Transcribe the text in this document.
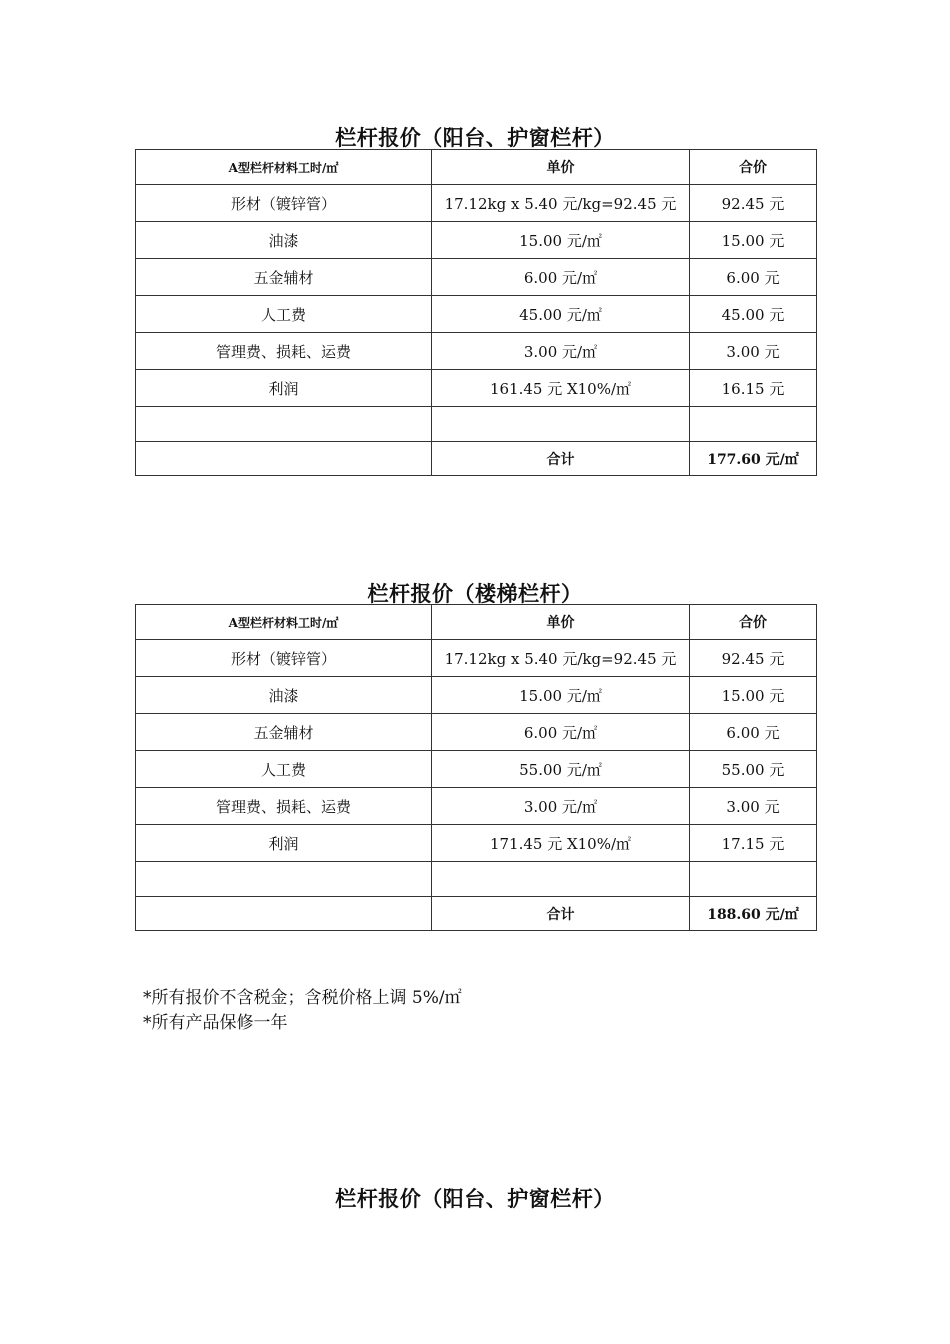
栏杆报价（阳台、护窗栏杆）
A型栏杆材料工时/㎡	单价	合价
形材（镀锌管）	17.12kg x 5.40 元/kg=92.45 元	92.45 元
油漆	15.00 元/㎡	15.00 元
五金辅材	6.00 元/㎡	6.00 元
人工费	45.00 元/㎡	45.00 元
管理费、损耗、运费	3.00 元/㎡	3.00 元
利润	161.45 元 X10%/㎡	16.15 元

	合计	177.60 元/㎡
栏杆报价（楼梯栏杆）
A型栏杆材料工时/㎡	单价	合价
形材（镀锌管）	17.12kg x 5.40 元/kg=92.45 元	92.45 元
油漆	15.00 元/㎡	15.00 元
五金辅材	6.00 元/㎡	6.00 元
人工费	55.00 元/㎡	55.00 元
管理费、损耗、运费	3.00 元/㎡	3.00 元
利润	171.45 元 X10%/㎡	17.15 元

	合计	188.60 元/㎡
*所有报价不含税金；含税价格上调 5%/㎡
*所有产品保修一年
栏杆报价（阳台、护窗栏杆）
